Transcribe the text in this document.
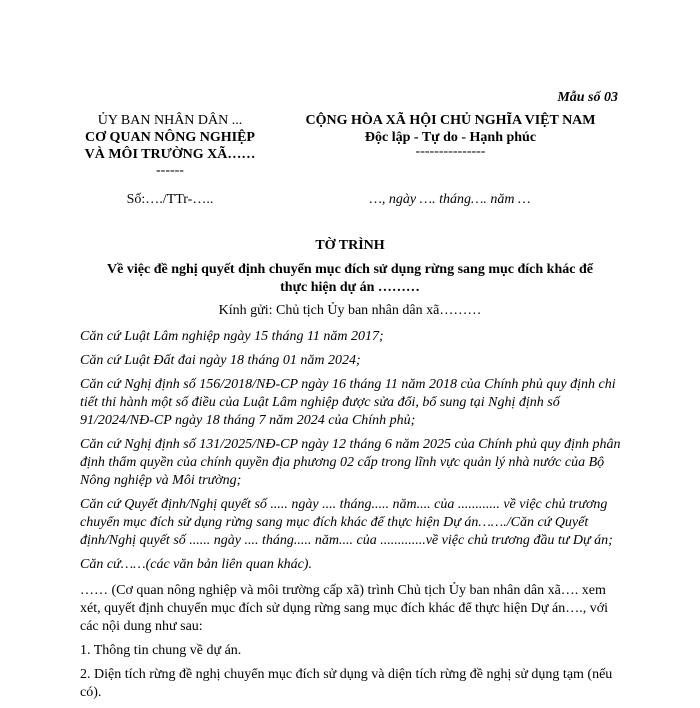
Mẫu số 03
ỦY BAN NHÂN DÂN ...
CƠ QUAN NÔNG NGHIỆP
VÀ MÔI TRƯỜNG XÃ……
------
CỘNG HÒA XÃ HỘI CHỦ NGHĨA VIỆT NAM
Độc lập - Tự do - Hạnh phúc
---------------
Số:…./TTr-…..	…, ngày …. tháng…. năm …
TỜ TRÌNH
Về việc đề nghị quyết định chuyển mục đích sử dụng rừng sang mục đích khác để
thực hiện dự án ………
Kính gửi: Chủ tịch Ủy ban nhân dân xã………

Căn cứ Luật Lâm nghiệp ngày 15 tháng 11 năm 2017;

Căn cứ Luật Đất đai ngày 18 tháng 01 năm 2024;

Căn cứ Nghị định số 156/2018/NĐ-CP ngày 16 tháng 11 năm 2018 của Chính phủ quy định chi tiết thi hành một số điều của Luật Lâm nghiệp được sửa đổi, bổ sung tại Nghị định số 91/2024/NĐ-CP ngày 18 tháng 7 năm 2024 của Chính phủ;

Căn cứ Nghị định số 131/2025/NĐ-CP ngày 12 tháng 6 năm 2025 của Chính phủ quy định phân định thẩm quyền của chính quyền địa phương 02 cấp trong lĩnh vực quản lý nhà nước của Bộ Nông nghiệp và Môi trường;

Căn cứ Quyết định/Nghị quyết số ..... ngày .... tháng..... năm.... của ............ về việc chủ trương chuyển mục đích sử dụng rừng sang mục đích khác để thực hiện Dự án……./Căn cứ Quyết định/Nghị quyết số ...... ngày .... tháng..... năm.... của .............về việc chủ trương đầu tư Dự án;

Căn cứ……(các văn bản liên quan khác).

…… (Cơ quan nông nghiệp và môi trường cấp xã) trình Chủ tịch Ủy ban nhân dân xã…. xem xét, quyết định chuyển mục đích sử dụng rừng sang mục đích khác để thực hiện Dự án…., với các nội dung như sau:

1. Thông tin chung về dự án.

2. Diện tích rừng đề nghị chuyển mục đích sử dụng và diện tích rừng đề nghị sử dụng tạm (nếu có).
